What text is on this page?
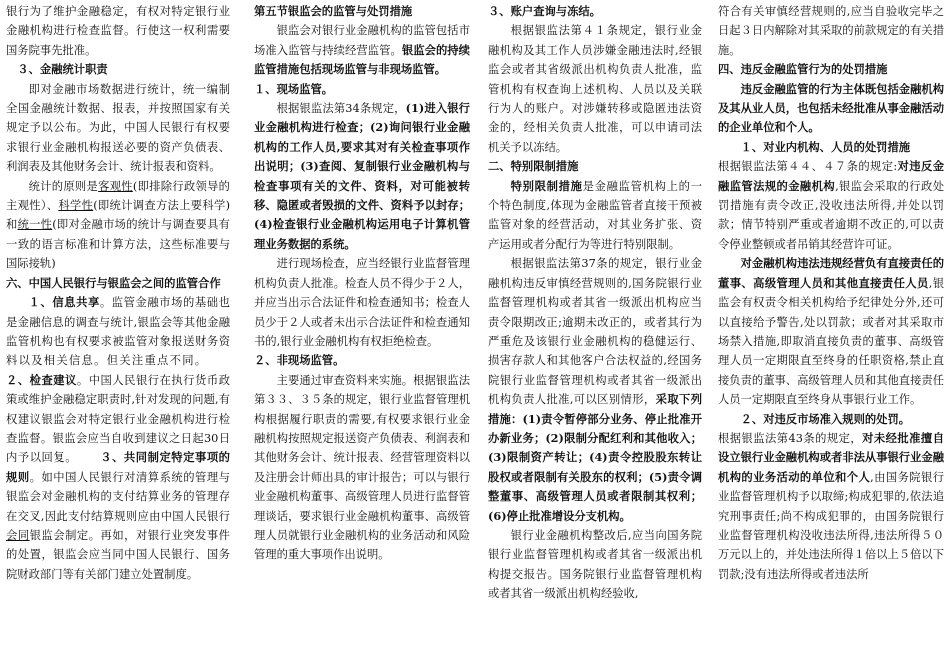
银行为了维护金融稳定，有权对特定银行业金融机构进行检查监督。行使这一权利需要国务院事先批准。

３、金融统计职责

即对金融市场数据进行统计，统一编制全国金融统计数据、报表，并按照国家有关规定予以公布。为此，中国人民银行有权要求银行业金融机构报送必要的资产负债表、利润表及其他财务会计、统计报表和资料。

统计的原则是客观性(即排除行政领导的主观性）、科学性(即统计调查方法上要科学)和统一性(即对金融市场的统计与调查要具有一致的语言标准和计算方法，这些标准要与国际接轨)

六、中国人民银行与银监会之间的监管合作

１、信息共享。监管金融市场的基础也是金融信息的调查与统计,银监会等其他金融监管机构也有权要求被监管对象报送财务资料以及相关信息。但关注重点不同。２、检查建议。中国人民银行在执行货币政策或维护金融稳定职责时,针对发现的问题,有权建议银监会对特定银行业金融机构进行检查监督。银监会应当自收到建议之日起30日内予以回复。 ３、共同制定特定事项的规则。如中国人民银行对清算系统的管理与银监会对金融机构的支付结算业务的管理存在交叉,因此支付结算规则应由中国人民银行会同银监会制定。再如，对银行业突发事件的处置，银监会应当同中国人民银行、国务院财政部门等有关部门建立处置制度。

第五节银监会的监管与处罚措施

银监会对银行业金融机构的监管包括市场准入监管与持续经营监管。银监会的持续监管措施包括现场监管与非现场监管。

１、现场监管。

根据银监法第34条规定，(1)进入银行业金融机构进行检查；(2)询问银行业金融机构的工作人员,要求其对有关检查事项作出说明；(3)查阅、复制银行业金融机构与检查事项有关的文件、资料，对可能被转移、隐匿或者毁损的文件、资料予以封存；(4)检查银行业金融机构运用电子计算机管理业务数据的系统。

进行现场检查，应当经银行业监督管理机构负责人批准。检查人员不得少于２人，并应当出示合法证件和检查通知书；检查人员少于２人或者未出示合法证件和检查通知书的,银行业金融机构有权拒绝检查。

２、非现场监管。

主要通过审查资料来实施。根据银监法第３３、３５条的规定，银行业监督管理机构根据履行职责的需要,有权要求银行业金融机构按照规定报送资产负债表、利润表和其他财务会计、统计报表、经营管理资料以及注册会计师出具的审计报告；可以与银行业金融机构董事、高级管理人员进行监督管理谈话，要求银行业金融机构董事、高级管理人员就银行业金融机构的业务活动和风险管理的重大事项作出说明。

３、账户查询与冻结。

根据银监法第４１条规定，银行业金融机构及其工作人员涉嫌金融违法时,经银监会或者其省级派出机构负责人批准，监管机构有权查询上述机构、人员以及关联行为人的账户。对涉嫌转移或隐匿违法资金的，经相关负责人批准，可以申请司法机关予以冻结。

二、特别限制措施

特别限制措施是金融监管机构上的一个特色制度,体现为金融监管者直接干预被监管对象的经营活动，对其业务扩张、资产运用或者分配行为等进行特别限制。

根据银监法第37条的规定，银行业金融机构违反审慎经营规则的,国务院银行业监督管理机构或者其省一级派出机构应当责令限期改正;逾期未改正的，或者其行为严重危及该银行业金融机构的稳健运行、损害存款人和其他客户合法权益的,经国务院银行业监督管理机构或者其省一级派出机构负责人批准,可以区别情形，采取下列措施：(1)责令暂停部分业务、停止批准开办新业务；(2)限制分配红利和其他收入；(3)限制资产转让；(4)责令控股股东转让股权或者限制有关股东的权利；(5)责令调整董事、高级管理人员或者限制其权利；(6)停止批准增设分支机构。

银行业金融机构整改后,应当向国务院银行业监督管理机构或者其省一级派出机构提交报告。国务院银行业监督管理机构或者其省一级派出机构经验收,

符合有关审慎经营规则的,应当自验收完毕之日起３日内解除对其采取的前款规定的有关措施。

四、违反金融监管行为的处罚措施

违反金融监管的行为主体既包括金融机构及其从业人员，也包括未经批准从事金融活动的企业单位和个人。

１、对业内机构、人员的处罚措施

根据银监法第４４、４７条的规定:对违反金融监管法规的金融机构,银监会采取的行政处罚措施有责令改正,没收违法所得,并处以罚款；情节特别严重或者逾期不改正的,可以责令停业整顿或者吊销其经营许可证。

对金融机构违法违规经营负有直接责任的董事、高级管理人员和其他直接责任人员,银监会有权责令相关机构给予纪律处分外,还可以直接给予警告,处以罚款；或者对其采取市场禁入措施,即取消直接负责的董事、高级管理人员一定期限直至终身的任职资格,禁止直接负责的董事、高级管理人员和其他直接责任人员一定期限直至终身从事银行业工作。

２、对违反市场准入规则的处罚。

根据银监法第43条的规定，对未经批准擅自设立银行业金融机构或者非法从事银行业金融机构的业务活动的单位和个人,由国务院银行业监督管理机构予以取缔;构成犯罪的,依法追究刑事责任;尚不构成犯罪的，由国务院银行业监督管理机构没收违法所得,违法所得５０万元以上的，并处违法所得１倍以上５倍以下罚款;没有违法所得或者违法所
